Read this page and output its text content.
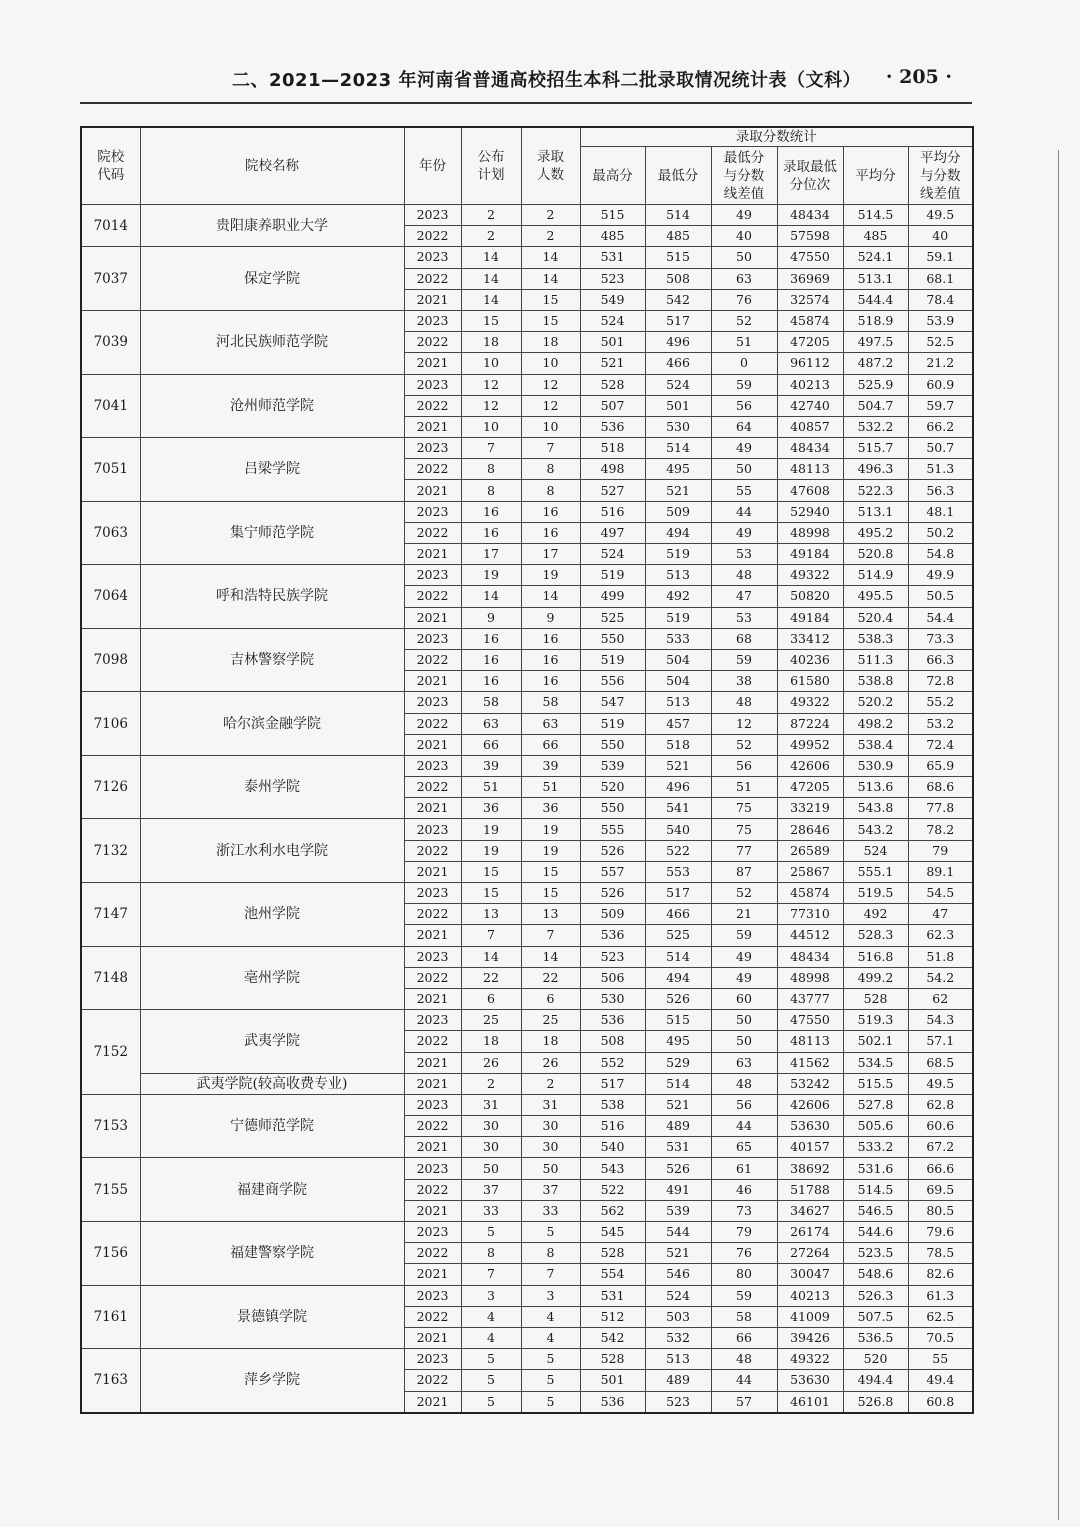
二、2021—2023 年河南省普通高校招生本科二批录取情况统计表（文科） · 205 ·
院校代码	院校名称	年份	公布计划	录取人数	录取分数统计					
					最高分	最低分	最低分与分数线差值	录取最低分位次	平均分	平均分与分数线差值
7014	贵阳康养职业大学	2023	2	2	515	514	49	48434	514.5	49.5
		2022	2	2	485	485	40	57598	485	40
7037	保定学院	2023	14	14	531	515	50	47550	524.1	59.1
		2022	14	14	523	508	63	36969	513.1	68.1
		2021	14	15	549	542	76	32574	544.4	78.4
7039	河北民族师范学院	2023	15	15	524	517	52	45874	518.9	53.9
		2022	18	18	501	496	51	47205	497.5	52.5
		2021	10	10	521	466	0	96112	487.2	21.2
7041	沧州师范学院	2023	12	12	528	524	59	40213	525.9	60.9
		2022	12	12	507	501	56	42740	504.7	59.7
		2021	10	10	536	530	64	40857	532.2	66.2
7051	吕梁学院	2023	7	7	518	514	49	48434	515.7	50.7
		2022	8	8	498	495	50	48113	496.3	51.3
		2021	8	8	527	521	55	47608	522.3	56.3
7063	集宁师范学院	2023	16	16	516	509	44	52940	513.1	48.1
		2022	16	16	497	494	49	48998	495.2	50.2
		2021	17	17	524	519	53	49184	520.8	54.8
7064	呼和浩特民族学院	2023	19	19	519	513	48	49322	514.9	49.9
		2022	14	14	499	492	47	50820	495.5	50.5
		2021	9	9	525	519	53	49184	520.4	54.4
7098	吉林警察学院	2023	16	16	550	533	68	33412	538.3	73.3
		2022	16	16	519	504	59	40236	511.3	66.3
		2021	16	16	556	504	38	61580	538.8	72.8
7106	哈尔滨金融学院	2023	58	58	547	513	48	49322	520.2	55.2
		2022	63	63	519	457	12	87224	498.2	53.2
		2021	66	66	550	518	52	49952	538.4	72.4
7126	泰州学院	2023	39	39	539	521	56	42606	530.9	65.9
		2022	51	51	520	496	51	47205	513.6	68.6
		2021	36	36	550	541	75	33219	543.8	77.8
7132	浙江水利水电学院	2023	19	19	555	540	75	28646	543.2	78.2
		2022	19	19	526	522	77	26589	524	79
		2021	15	15	557	553	87	25867	555.1	89.1
7147	池州学院	2023	15	15	526	517	52	45874	519.5	54.5
		2022	13	13	509	466	21	77310	492	47
		2021	7	7	536	525	59	44512	528.3	62.3
7148	亳州学院	2023	14	14	523	514	49	48434	516.8	51.8
		2022	22	22	506	494	49	48998	499.2	54.2
		2021	6	6	530	526	60	43777	528	62
7152	武夷学院	2023	25	25	536	515	50	47550	519.3	54.3
		2022	18	18	508	495	50	48113	502.1	57.1
		2021	26	26	552	529	63	41562	534.5	68.5
	武夷学院(较高收费专业)	2021	2	2	517	514	48	53242	515.5	49.5
7153	宁德师范学院	2023	31	31	538	521	56	42606	527.8	62.8
		2022	30	30	516	489	44	53630	505.6	60.6
		2021	30	30	540	531	65	40157	533.2	67.2
7155	福建商学院	2023	50	50	543	526	61	38692	531.6	66.6
		2022	37	37	522	491	46	51788	514.5	69.5
		2021	33	33	562	539	73	34627	546.5	80.5
7156	福建警察学院	2023	5	5	545	544	79	26174	544.6	79.6
		2022	8	8	528	521	76	27264	523.5	78.5
		2021	7	7	554	546	80	30047	548.6	82.6
7161	景德镇学院	2023	3	3	531	524	59	40213	526.3	61.3
		2022	4	4	512	503	58	41009	507.5	62.5
		2021	4	4	542	532	66	39426	536.5	70.5
7163	萍乡学院	2023	5	5	528	513	48	49322	520	55
		2022	5	5	501	489	44	53630	494.4	49.4
		2021	5	5	536	523	57	46101	526.8	60.8
